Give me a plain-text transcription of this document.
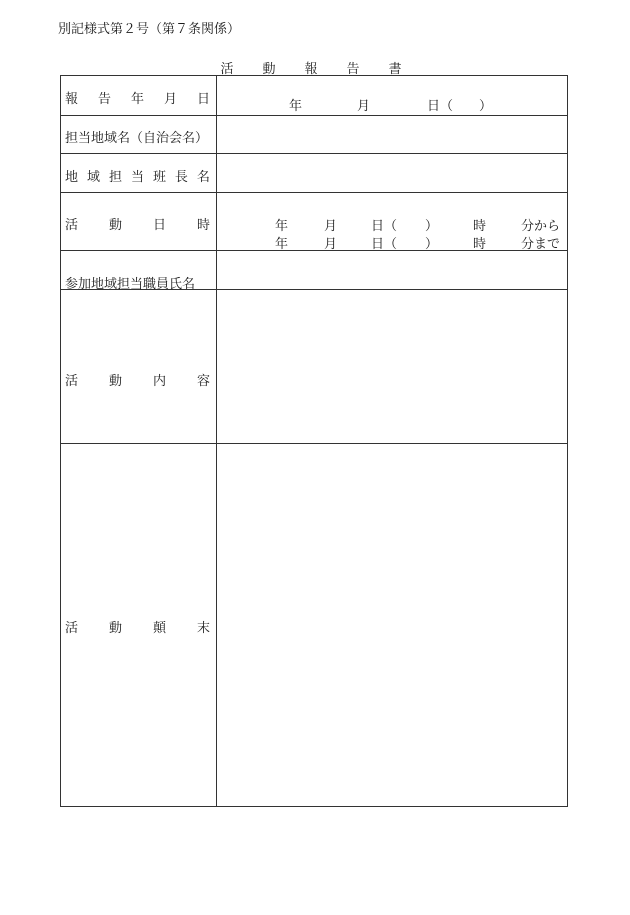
別記様式第２号（第７条関係）
活　動　報　告　書
報 告 年 月 日	年	月	日（ ）
担当地域名（自治会名）
地 域 担 当 班 長 名
活 動 日 時	年	月	日（ ）	時	分から
年	月	日（ ）	時	分まで
参加地域担当職員氏名
活 動 内 容
活 動 顛 末
